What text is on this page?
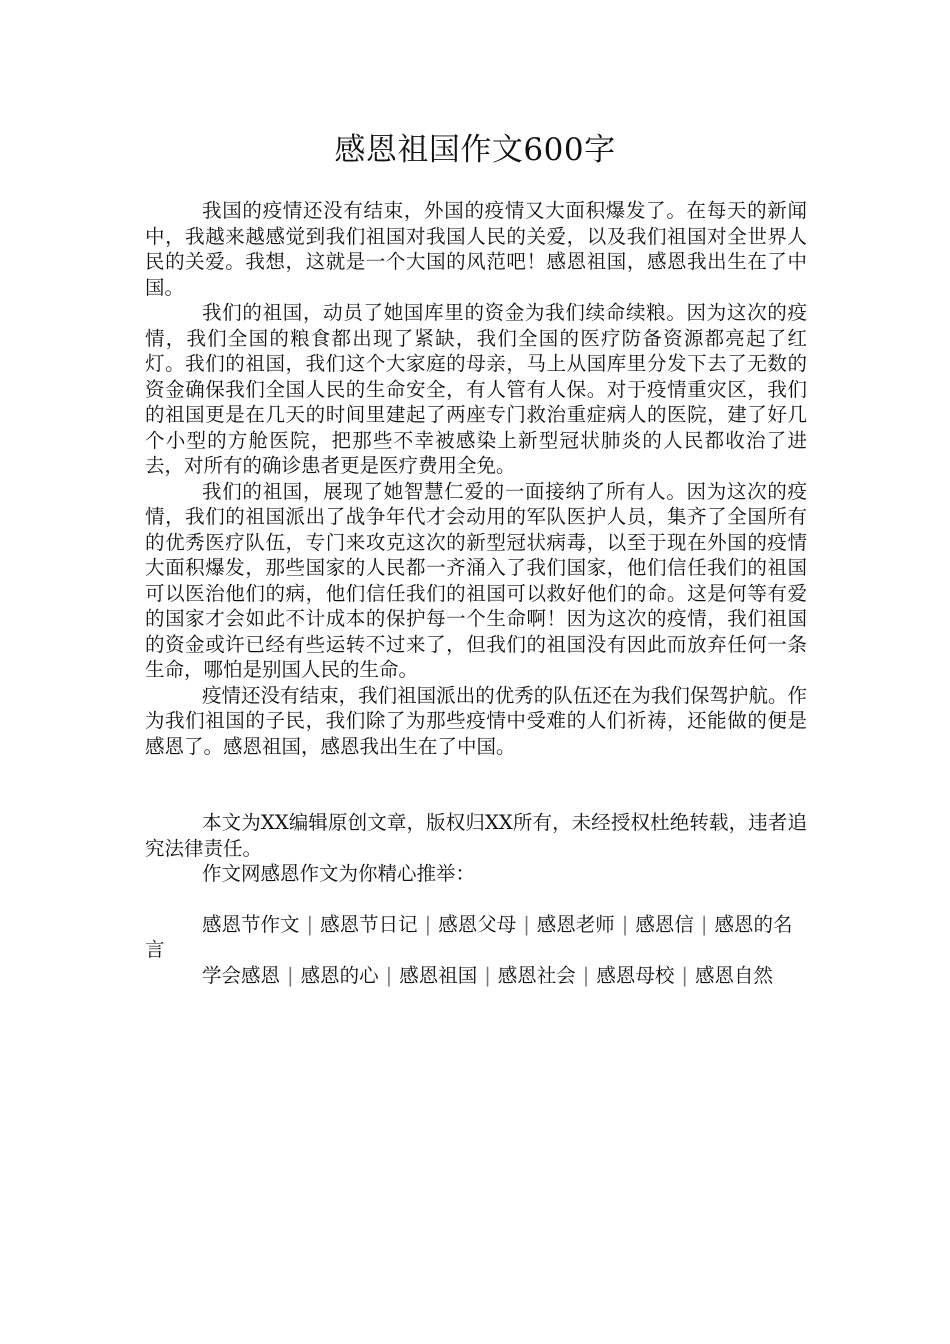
感恩祖国作文600字

我国的疫情还没有结束，外国的疫情又大面积爆发了。在每天的新闻中，我越来越感觉到我们祖国对我国人民的关爱，以及我们祖国对全世界人民的关爱。我想，这就是一个大国的风范吧！感恩祖国，感恩我出生在了中国。

我们的祖国，动员了她国库里的资金为我们续命续粮。因为这次的疫情，我们全国的粮食都出现了紧缺，我们全国的医疗防备资源都亮起了红灯。我们的祖国，我们这个大家庭的母亲，马上从国库里分发下去了无数的资金确保我们全国人民的生命安全，有人管有人保。对于疫情重灾区，我们的祖国更是在几天的时间里建起了两座专门救治重症病人的医院，建了好几个小型的方舱医院，把那些不幸被感染上新型冠状肺炎的人民都收治了进去，对所有的确诊患者更是医疗费用全免。

我们的祖国，展现了她智慧仁爱的一面接纳了所有人。因为这次的疫情，我们的祖国派出了战争年代才会动用的军队医护人员，集齐了全国所有的优秀医疗队伍，专门来攻克这次的新型冠状病毒，以至于现在外国的疫情大面积爆发，那些国家的人民都一齐涌入了我们国家，他们信任我们的祖国可以医治他们的病，他们信任我们的祖国可以救好他们的命。这是何等有爱的国家才会如此不计成本的保护每一个生命啊！因为这次的疫情，我们祖国的资金或许已经有些运转不过来了，但我们的祖国没有因此而放弃任何一条生命，哪怕是别国人民的生命。

疫情还没有结束，我们祖国派出的优秀的队伍还在为我们保驾护航。作为我们祖国的子民，我们除了为那些疫情中受难的人们祈祷，还能做的便是感恩了。感恩祖国，感恩我出生在了中国。

本文为XX编辑原创文章，版权归XX所有，未经授权杜绝转载，违者追究法律责任。

作文网感恩作文为你精心推举：

感恩节作文 | 感恩节日记 | 感恩父母 | 感恩老师 | 感恩信 | 感恩的名言

学会感恩 | 感恩的心 | 感恩祖国 | 感恩社会 | 感恩母校 | 感恩自然
